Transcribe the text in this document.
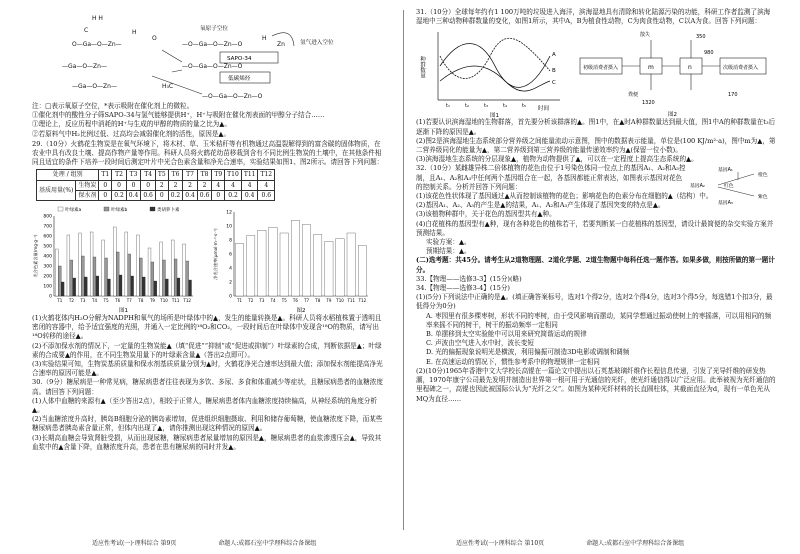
H H
C
O—Ga—O—Zn—	—O—Ga—O—Zn—O
H
O	H
Zn
—Ga—O—Zn—	—O—Ga—O—Zn—O
—Ga—O—Zn—	H₃C
—O—Ga—O—Zn—O
SAPO-34
低碳烯烃
氧原子空位
氢气进入空位

注：□表示氧原子空位，*表示吸附在催化剂上的微粒。

①催化剂中的酸性分子筛SAPO-34与氢气能够提供H⁺，H⁺与吸附在催化剂表面的甲醇分子结合……

①理论上，反应历程中消耗的H⁺与生成的甲醇的物质的量之比为▲。

②若原料气中H₂比例过低、过高均会减弱催化剂的活性，原因是▲。

29.（10分）火鹤花生物炭是在氧气环境下，将木材、草、玉米秸秆等有机物通过高温裂解得到的富含碳的固体物质，在农业中具有改良土壤、提高作物产量等作用。科研人员将火鹤花幼苗移栽到含有不同比例生物炭的土壤中，在其他条件相同且适宜的条件下培养一段时间后测定叶片中光合色素含量和净光合速率，实验结果如图1、图2所示。请回答下列问题：

处理 / 组别		T1	T2	T3	T4	T5	T6	T7	T8	T9	T10	T11	T12
基质用量(%)	生物炭	0	0	0	0	2	2	2	2	4	4	4	4
	保水剂	0	0.2	0.4	0.6	0	0.2	0.4	0.6	0	0.2	0.4	0.6
0
100
200
300
400
500
600
700
800
T1 T2 T3 T4 T5 T6 T7 T8 T9 T10 T11 T12
图1
光合色素含量(mg·g⁻¹)
叶绿素a	叶绿素b	类胡萝卜素
0
2
4
6
8
10
12
T1 T2 T3 T4 T5 T6 T7 T8 T9 T10 T11 T12
图2
净光合速率(μmol·m⁻²·s⁻¹)

(1)火鹤花体内H₂O分解为NADPH和氧气的场所是叶绿体中的▲，发生的能量转换是▲。科研人员将水稻植株置于透明且密闭的容器中，给予适宜强度的光照，并通入一定比例的¹⁸O₂和CO₂，一段时间后在叶绿体中发现含¹⁸O的物质，请写出¹⁸O转移的途径▲。

(2)不添加保水剂的情况下，一定量的生物炭能▲（填“促进”“抑制”或“促进或抑制”）叶绿素的合成，判断依据是▲；叶绿素的合成要▲的作用，在不同生物炭用量下的叶绿素含量▲（答出2点即可）。

(3)实验结果可知，生物炭基质质量和保水剂基质质量分别为▲时，火鹤花净光合速率达到最大值；添加保水剂能提高净光合速率的原因可能是▲。

30.（9分）糖尿病是一种常见病，糖尿病患者往往表现为多饮、多尿、多食和体重减少等症状，且糖尿病患者的血糖浓度高。请回答下列问题：

(1)人体中血糖的来源有▲（至少答出2点），相较于正常人，糖尿病患者体内血糖浓度持续偏高，从神经系统的角度分析▲。

(2)当血糖浓度升高时，胰岛B细胞分泌的胰岛素增加，促进组织细胞摄取、利用和储存葡萄糖，使血糖浓度下降，而某些糖尿病患者胰岛素含量正常，但体内出现了▲，请你推测出现这种情况的原因▲。

(3)长期高血糖会导致肾脏受损，从而出现尿糖，糖尿病患者尿量增加的原因是▲，糖尿病患者的血浆渗透压会▲，导致其血浆中的▲含量下降，血糖浓度升高，患者在患有糖尿病的同时并发▲。

适应性考试(一)·理科综合 第9页	命题人:成都石室中学理科综合备课组

31.（10分）全球每年约有1 100万吨的垃圾进入海洋，滨海湿地具有清除和转化陆源污染的功能，科研工作者监测了滨海湿地中三种动物种群数量的变化，如图1所示，其中A，B为植食性动物，C为肉食性动物，C以A为食。回答下列问题：

种群数量
时间
A
B
C
t₁	t₂	t₃	t₄	t₅
图1
初级消费者摄入	m	n	次级消费者摄入
散失	350
980
粪便
1320
170
图2

(1)若要认识滨海湿地的生物群落，首先要分析该群落的▲。图1中，在▲时A种群数量达到最大值，图1中A的种群数量在t₃后逐渐下降的原因是▲。

(2)图2是滨海湿地生态系统部分营养级之间能量流动示意图，图中的数据表示能量，单位是(100 KJ/m²·a)，图中m为▲，第二营养级同化的能量为▲，第二营养级到第三营养级的能量传递效率约为▲(保留一位小数)。

(3)滨海湿地生态系统的分层现象▲，植物为动物提供了▲，可以在一定程度上提高生态系统的▲。

32.（10分）某雌雄异株二倍体植物的花色由位于1号染色体同一位点上的基因A₁、A₂和A₃控制，且A₁、A₂和A₃中任何两个基因组合在一起，各基因都能正常表达，如图表示基因对花色的控制关系。分析并回答下列问题：

基因A₁
基因A₂
基因A₃
橙色
红色
紫色

(1)该花色性状体现了基因通过▲从而控制该植物的花色；影响花色的色素分布在细胞的▲（结构）中。

(2)基因A₁、A₂、A₃的产生是▲的结果，A₁、A₂和A₃产生体现了基因突变的特点是▲。

(3)该植物种群中，关于花色的基因型共有▲种。

(4)白花植株的基因型有▲种，现有各种花色的植株若干，若要判断某一白花植株的基因型，请设计最简便的杂交实验方案并预测结果。

实验方案：▲。

预期结果：▲。

(二)选考题：共45分。请考生从2道物理题、2道化学题、2道生物题中每科任选一题作答。如果多做，则按所做的第一题计分。

33.【物理——选修3-3】(15分)(略)

34.【物理——选修3-4】(15分)

(1)(5分)下列说法中正确的是▲。(填正确答案标号，选对1个得2分，选对2个得4分，选对3个得5分，每选错1个扣3分，最低得分为0分)

A. 枣园里有很多棵枣树，形状不同的枣树，由于受风影响而摆动，某同学想通过振动使树上的枣摇落，可以用相同的频率来摇不同的树干，树干的振动频率一定相同

B. 单摆移到太空实验舱中可以用来研究简谐运动的规律

C. 声波由空气进入水中时，波长变短

D. 光的偏振现象说明光是横波，利用偏振可制造3D电影或调制和调频

E. 在高速运动的情况下，惯性参考系中的物理规律一定相同

(2)(10分)1965年香港中文大学校长高锟在一篇论文中提出以石英基玻璃纤维作长程信息传递，引发了光导纤维的研发热潮，1970年康宁公司最先发明并制造出世界第一根可用于光通信的光纤，使光纤通信得以广泛应用。此举被视为光纤通信的里程碑之一，高锟也因此被国际公认为“光纤之父”。如图为某种光纤材料的长直圆柱体，其截面直径为d，现有一单色光从MQ为直径……

适应性考试(一)·理科综合 第10页	命题人:成都石室中学理科综合备课组
